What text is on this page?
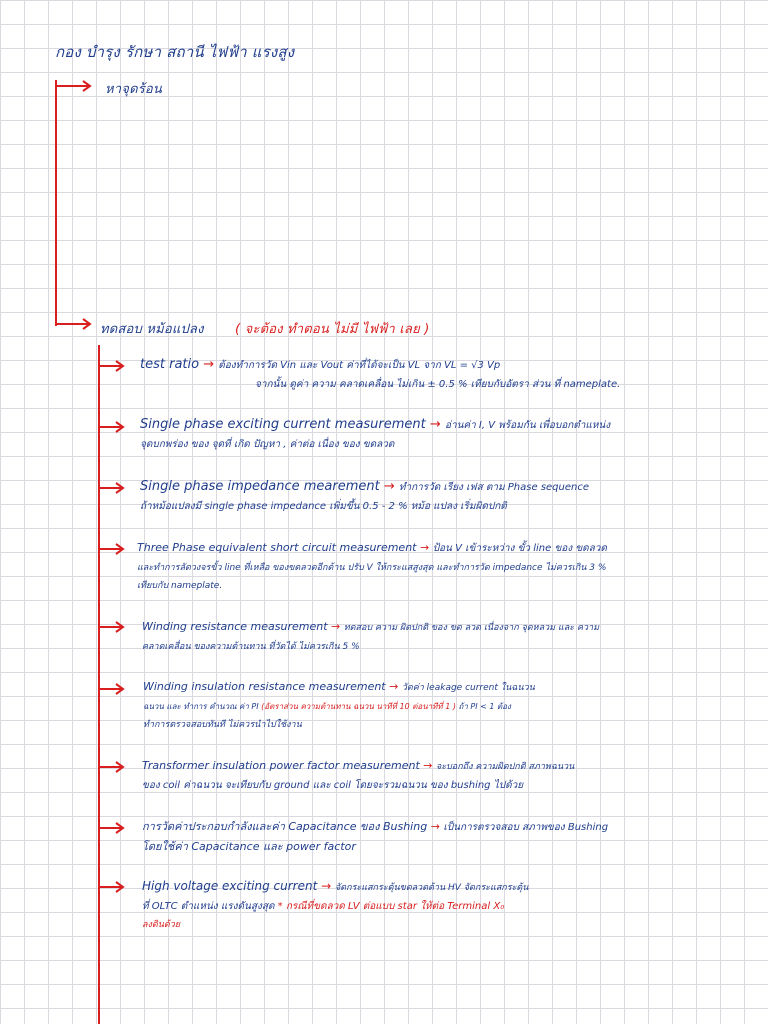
กอง บำรุง รักษา สถานี ไฟฟ้า แรงสูง
หาจุดร้อน
ทดสอบ หม้อแปลง ( จะต้อง ทำตอน ไม่มี ไฟฟ้า เลย )
test ratio → ต้องทำการวัด Vin และ Vout ค่าที่ได้จะเป็น VL จาก VL = √3 Vp
จากนั้น ดูค่า ความ คลาดเคลื่อน ไม่เกิน ± 0.5 % เทียบกับอัตรา ส่วน ที่ nameplate.
Single phase exciting current measurement → อ่านค่า I, V พร้อมกัน เพื่อบอกตำแหน่ง
จุดบกพร่อง ของ จุดที่ เกิด ปัญหา , ค่าต่อ เนื่อง ของ ขดลวด
Single phase impedance mearement → ทำการวัด เรียง เฟส ตาม Phase sequence
ถ้าหม้อแปลงมี single phase impedance เพิ่มขึ้น 0.5 - 2 % หม้อ แปลง เริ่มผิดปกติ
Three Phase equivalent short circuit measurement → ป้อน V เข้าระหว่าง ขั้ว line ของ ขดลวด
และทำการลัดวงจรขั้ว line ที่เหลือ ของขดลวดอีกด้าน ปรับ V ให้กระแสสูงสุด และทำการวัด impedance ไม่ควรเกิน 3 %
เทียบกับ nameplate.
Winding resistance measurement → ทดสอบ ความ ผิดปกติ ของ ขด ลวด เนื่องจาก จุดหลวม และ ความ
คลาดเคลื่อน ของความต้านทาน ที่วัดได้ ไม่ควรเกิน 5 %
Winding insulation resistance measurement → วัดค่า leakage current ในฉนวน
ฉนวน และ ทำการ คำนวณ ค่า PI (อัตราส่วน ความต้านทาน ฉนวน นาทีที่ 10 ต่อนาทีที่ 1 ) ถ้า PI < 1 ต้อง
ทำการตรวจสอบทันที ไม่ควรนำไปใช้งาน
Transformer insulation power factor measurement → จะบอกถึง ความผิดปกติ สภาพฉนวน
ของ coil ค่าฉนวน จะเทียบกับ ground และ coil โดยจะรวมฉนวน ของ bushing ไปด้วย
การวัดค่าประกอบกำลังและค่า Capacitance ของ Bushing → เป็นการตรวจสอบ สภาพของ Bushing
โดยใช้ค่า Capacitance และ power factor
High voltage exciting current → จัดกระแสกระตุ้นขดลวดด้าน HV จัดกระแสกระตุ้น
ที่ OLTC ตำแหน่ง แรงดันสูงสุด * กรณีที่ขดลวด LV ต่อแบบ star ให้ต่อ Terminal X₀
ลงดินด้วย
